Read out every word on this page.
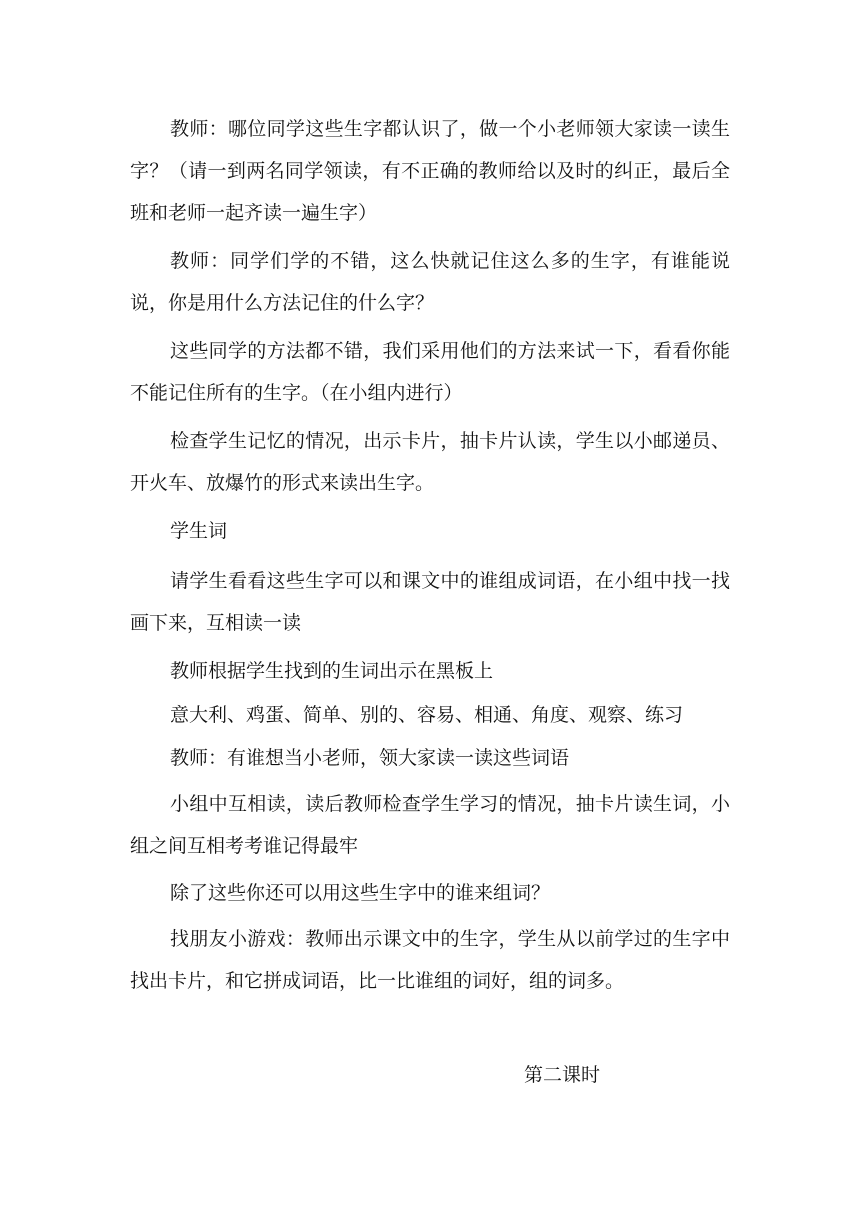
教师：哪位同学这些生字都认识了，做一个小老师领大家读一读生字？（请一到两名同学领读，有不正确的教师给以及时的纠正，最后全班和老师一起齐读一遍生字）

教师：同学们学的不错，这么快就记住这么多的生字，有谁能说说，你是用什么方法记住的什么字？

这些同学的方法都不错，我们采用他们的方法来试一下，看看你能不能记住所有的生字。（在小组内进行）

检查学生记忆的情况，出示卡片，抽卡片认读，学生以小邮递员、开火车、放爆竹的形式来读出生字。

学生词

请学生看看这些生字可以和课文中的谁组成词语，在小组中找一找画下来，互相读一读

教师根据学生找到的生词出示在黑板上

意大利、鸡蛋、简单、别的、容易、相通、角度、观察、练习

教师：有谁想当小老师，领大家读一读这些词语

小组中互相读，读后教师检查学生学习的情况，抽卡片读生词，小组之间互相考考谁记得最牢

除了这些你还可以用这些生字中的谁来组词？

找朋友小游戏：教师出示课文中的生字，学生从以前学过的生字中找出卡片，和它拼成词语，比一比谁组的词好，组的词多。

第二课时
